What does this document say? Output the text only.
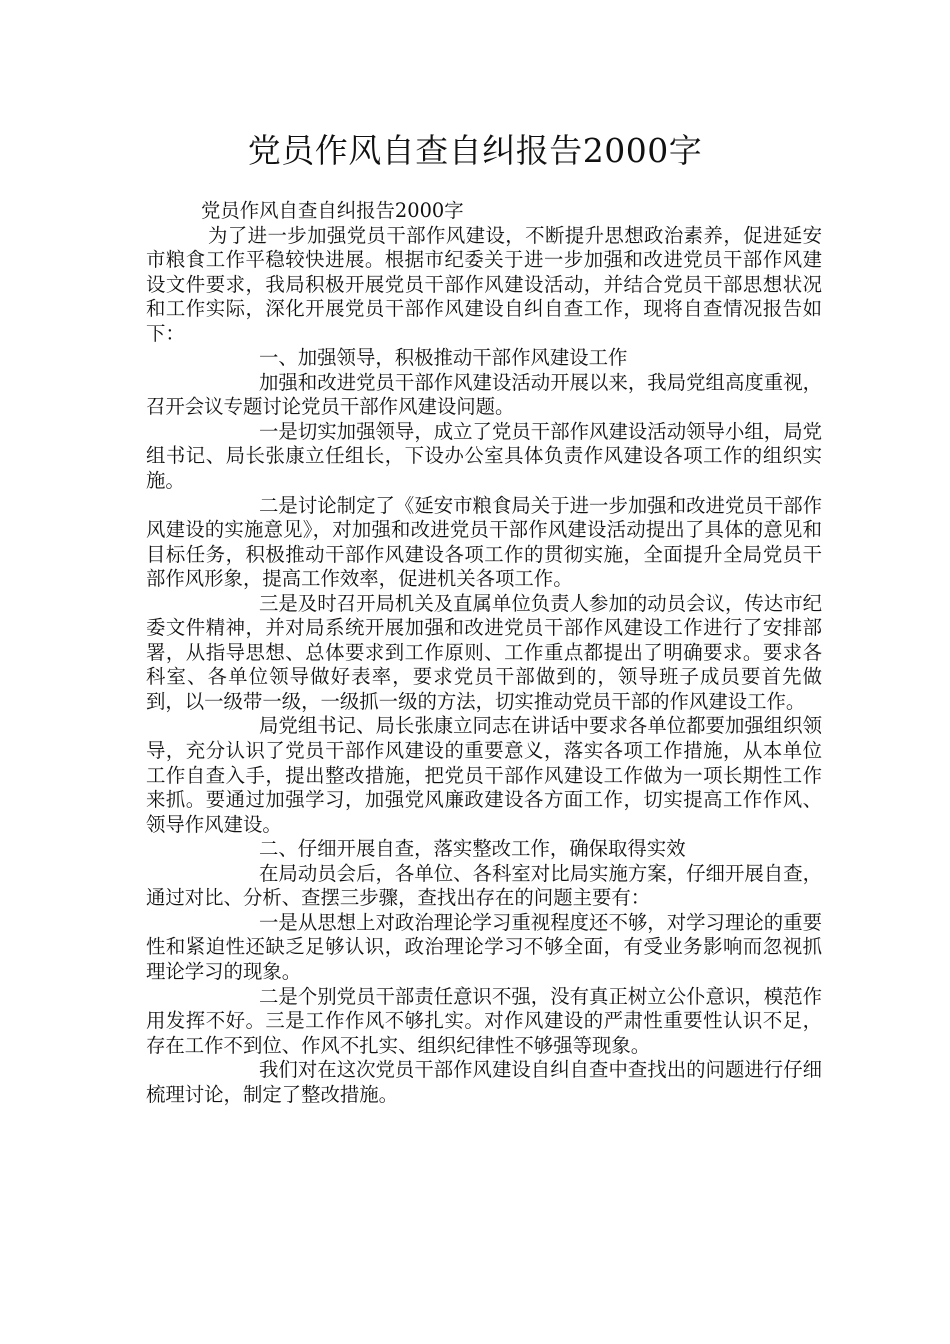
党员作风自查自纠报告2000字

党员作风自查自纠报告2000字

为了进一步加强党员干部作风建设，不断提升思想政治素养，促进延安市粮食工作平稳较快进展。根据市纪委关于进一步加强和改进党员干部作风建设文件要求，我局积极开展党员干部作风建设活动，并结合党员干部思想状况和工作实际，深化开展党员干部作风建设自纠自查工作，现将自查情况报告如下：

一、加强领导，积极推动干部作风建设工作

加强和改进党员干部作风建设活动开展以来，我局党组高度重视，召开会议专题讨论党员干部作风建设问题。

一是切实加强领导，成立了党员干部作风建设活动领导小组，局党组书记、局长张康立任组长，下设办公室具体负责作风建设各项工作的组织实施。

二是讨论制定了《延安市粮食局关于进一步加强和改进党员干部作风建设的实施意见》，对加强和改进党员干部作风建设活动提出了具体的意见和目标任务，积极推动干部作风建设各项工作的贯彻实施，全面提升全局党员干部作风形象，提高工作效率，促进机关各项工作。

三是及时召开局机关及直属单位负责人参加的动员会议，传达市纪委文件精神，并对局系统开展加强和改进党员干部作风建设工作进行了安排部署，从指导思想、总体要求到工作原则、工作重点都提出了明确要求。要求各科室、各单位领导做好表率，要求党员干部做到的，领导班子成员要首先做到，以一级带一级，一级抓一级的方法，切实推动党员干部的作风建设工作。

局党组书记、局长张康立同志在讲话中要求各单位都要加强组织领导，充分认识了党员干部作风建设的重要意义，落实各项工作措施，从本单位工作自查入手，提出整改措施，把党员干部作风建设工作做为一项长期性工作来抓。要通过加强学习，加强党风廉政建设各方面工作，切实提高工作作风、领导作风建设。

二、仔细开展自查，落实整改工作，确保取得实效

在局动员会后，各单位、各科室对比局实施方案，仔细开展自查，通过对比、分析、查摆三步骤，查找出存在的问题主要有：

一是从思想上对政治理论学习重视程度还不够，对学习理论的重要性和紧迫性还缺乏足够认识，政治理论学习不够全面，有受业务影响而忽视抓理论学习的现象。

二是个别党员干部责任意识不强，没有真正树立公仆意识，模范作用发挥不好。三是工作作风不够扎实。对作风建设的严肃性重要性认识不足，存在工作不到位、作风不扎实、组织纪律性不够强等现象。

我们对在这次党员干部作风建设自纠自查中查找出的问题进行仔细梳理讨论，制定了整改措施。
